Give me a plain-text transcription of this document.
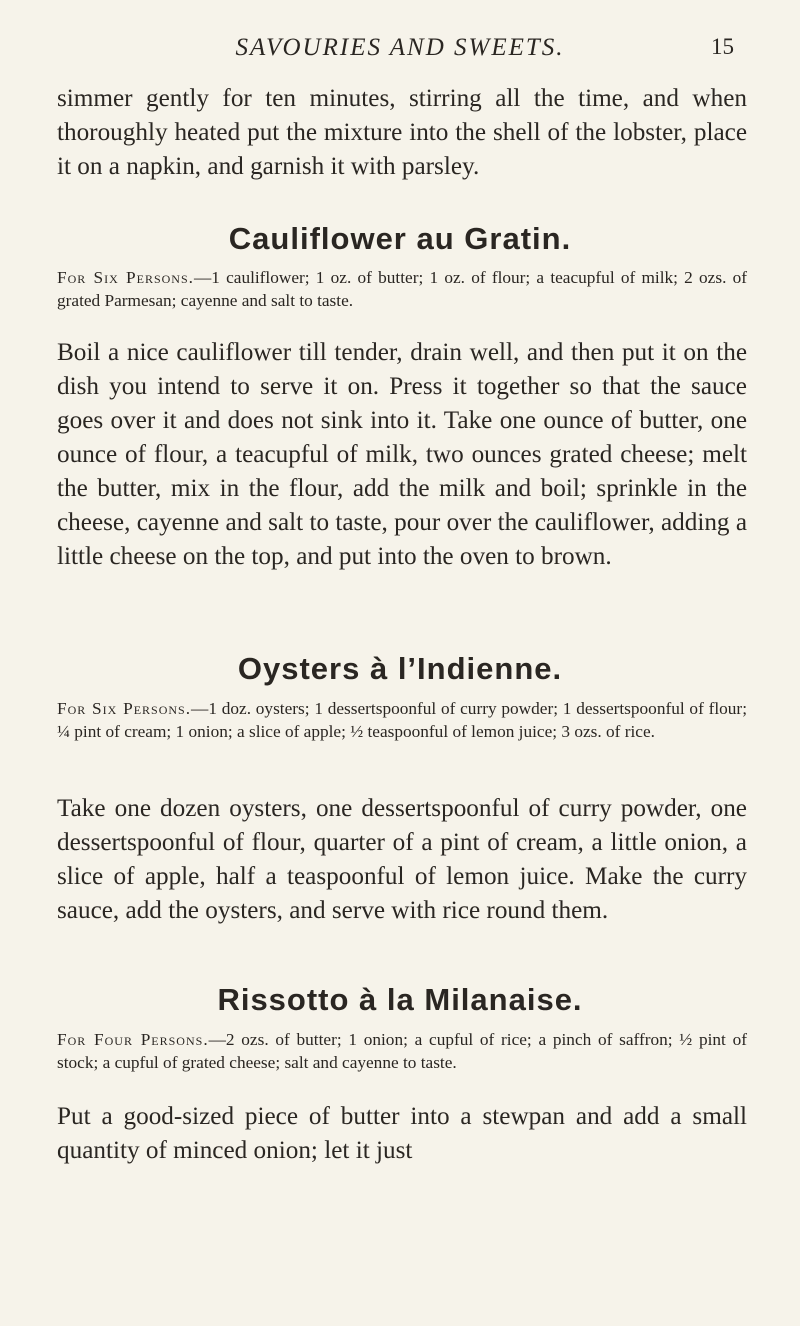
SAVOURIES AND SWEETS.	15

simmer gently for ten minutes, stirring all the time, and when thoroughly heated put the mixture into the shell of the lobster, place it on a napkin, and garnish it with parsley.

Cauliflower au Gratin.

For Six Persons.—1 cauliflower; 1 oz. of butter; 1 oz. of flour; a teacupful of milk; 2 ozs. of grated Parmesan; cayenne and salt to taste.

Boil a nice cauliflower till tender, drain well, and then put it on the dish you intend to serve it on. Press it together so that the sauce goes over it and does not sink into it. Take one ounce of butter, one ounce of flour, a teacupful of milk, two ounces grated cheese; melt the butter, mix in the flour, add the milk and boil; sprinkle in the cheese, cayenne and salt to taste, pour over the cauliflower, adding a little cheese on the top, and put into the oven to brown.

Oysters à l’Indienne.

For Six Persons.—1 doz. oysters; 1 dessertspoonful of curry powder; 1 dessertspoonful of flour; ¼ pint of cream; 1 onion; a slice of apple; ½ teaspoonful of lemon juice; 3 ozs. of rice.

Take one dozen oysters, one dessertspoonful of curry powder, one dessertspoonful of flour, quarter of a pint of cream, a little onion, a slice of apple, half a teaspoonful of lemon juice. Make the curry sauce, add the oysters, and serve with rice round them.

Rissotto à la Milanaise.

For Four Persons.—2 ozs. of butter; 1 onion; a cupful of rice; a pinch of saffron; ½ pint of stock; a cupful of grated cheese; salt and cayenne to taste.

Put a good-sized piece of butter into a stewpan and add a small quantity of minced onion; let it just
